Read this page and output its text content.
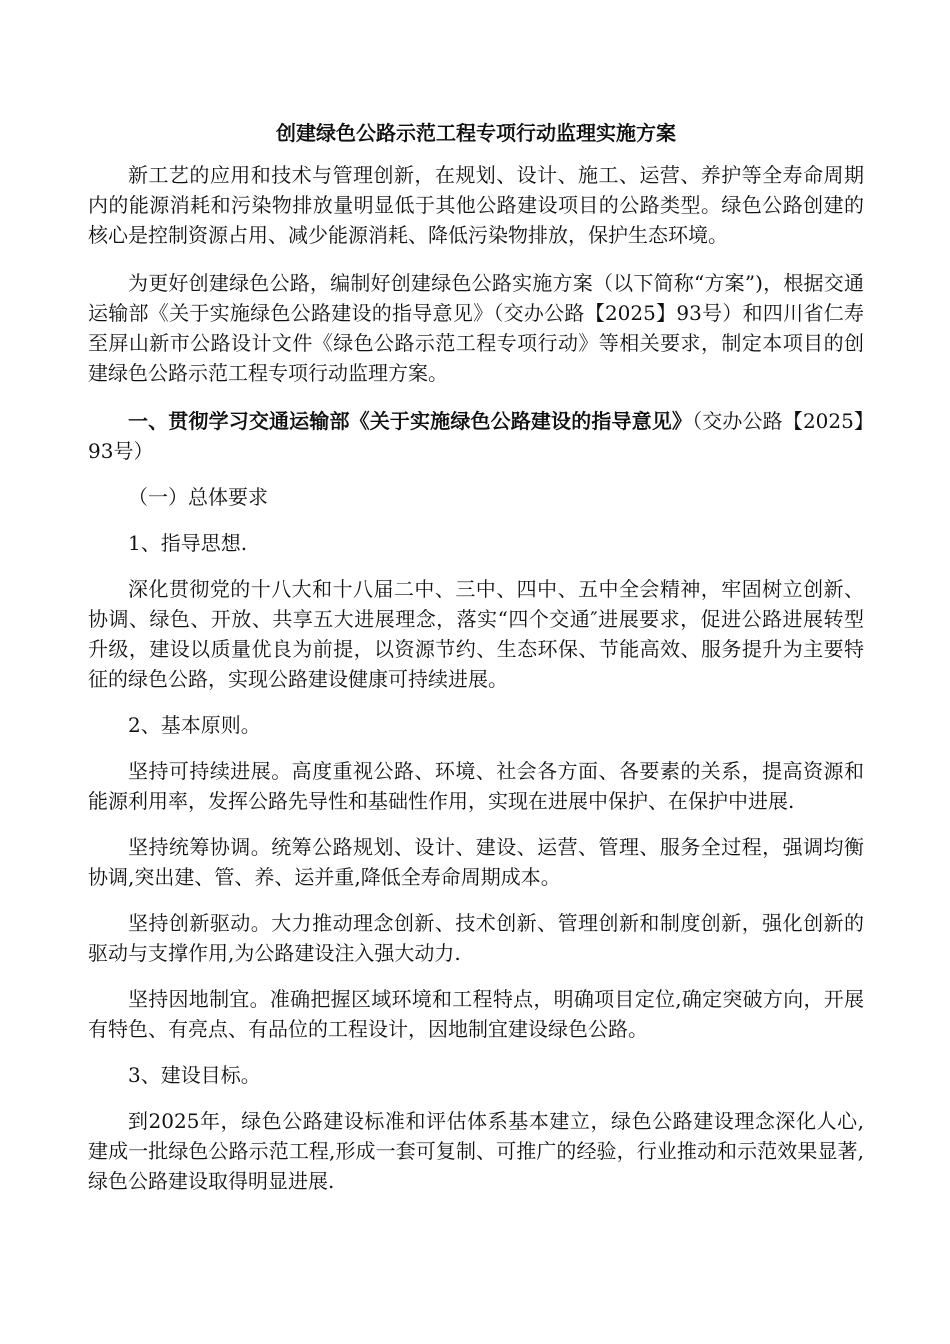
创建绿色公路示范工程专项行动监理实施方案

新工艺的应用和技术与管理创新，在规划、设计、施工、运营、养护等全寿命周期内的能源消耗和污染物排放量明显低于其他公路建设项目的公路类型。绿色公路创建的核心是控制资源占用、减少能源消耗、降低污染物排放，保护生态环境。

为更好创建绿色公路，编制好创建绿色公路实施方案（以下简称“方案”)，根据交通运输部《关于实施绿色公路建设的指导意见》（交办公路【2025】93号）和四川省仁寿至屏山新市公路设计文件《绿色公路示范工程专项行动》等相关要求，制定本项目的创建绿色公路示范工程专项行动监理方案。

一、贯彻学习交通运输部《关于实施绿色公路建设的指导意见》（交办公路【2025】93号）

（一）总体要求

1、指导思想.

深化贯彻党的十八大和十八届二中、三中、四中、五中全会精神，牢固树立创新、协调、绿色、开放、共享五大进展理念，落实“四个交通″进展要求，促进公路进展转型升级，建设以质量优良为前提，以资源节约、生态环保、节能高效、服务提升为主要特征的绿色公路，实现公路建设健康可持续进展。

2、基本原则。

坚持可持续进展。高度重视公路、环境、社会各方面、各要素的关系，提高资源和能源利用率，发挥公路先导性和基础性作用，实现在进展中保护、在保护中进展.

坚持统筹协调。统筹公路规划、设计、建设、运营、管理、服务全过程，强调均衡协调,突出建、管、养、运并重,降低全寿命周期成本。

坚持创新驱动。大力推动理念创新、技术创新、管理创新和制度创新，强化创新的驱动与支撑作用,为公路建设注入强大动力.

坚持因地制宜。准确把握区域环境和工程特点，明确项目定位,确定突破方向，开展有特色、有亮点、有品位的工程设计，因地制宜建设绿色公路。

3、建设目标。

到2025年，绿色公路建设标准和评估体系基本建立，绿色公路建设理念深化人心,建成一批绿色公路示范工程,形成一套可复制、可推广的经验，行业推动和示范效果显著,绿色公路建设取得明显进展.
